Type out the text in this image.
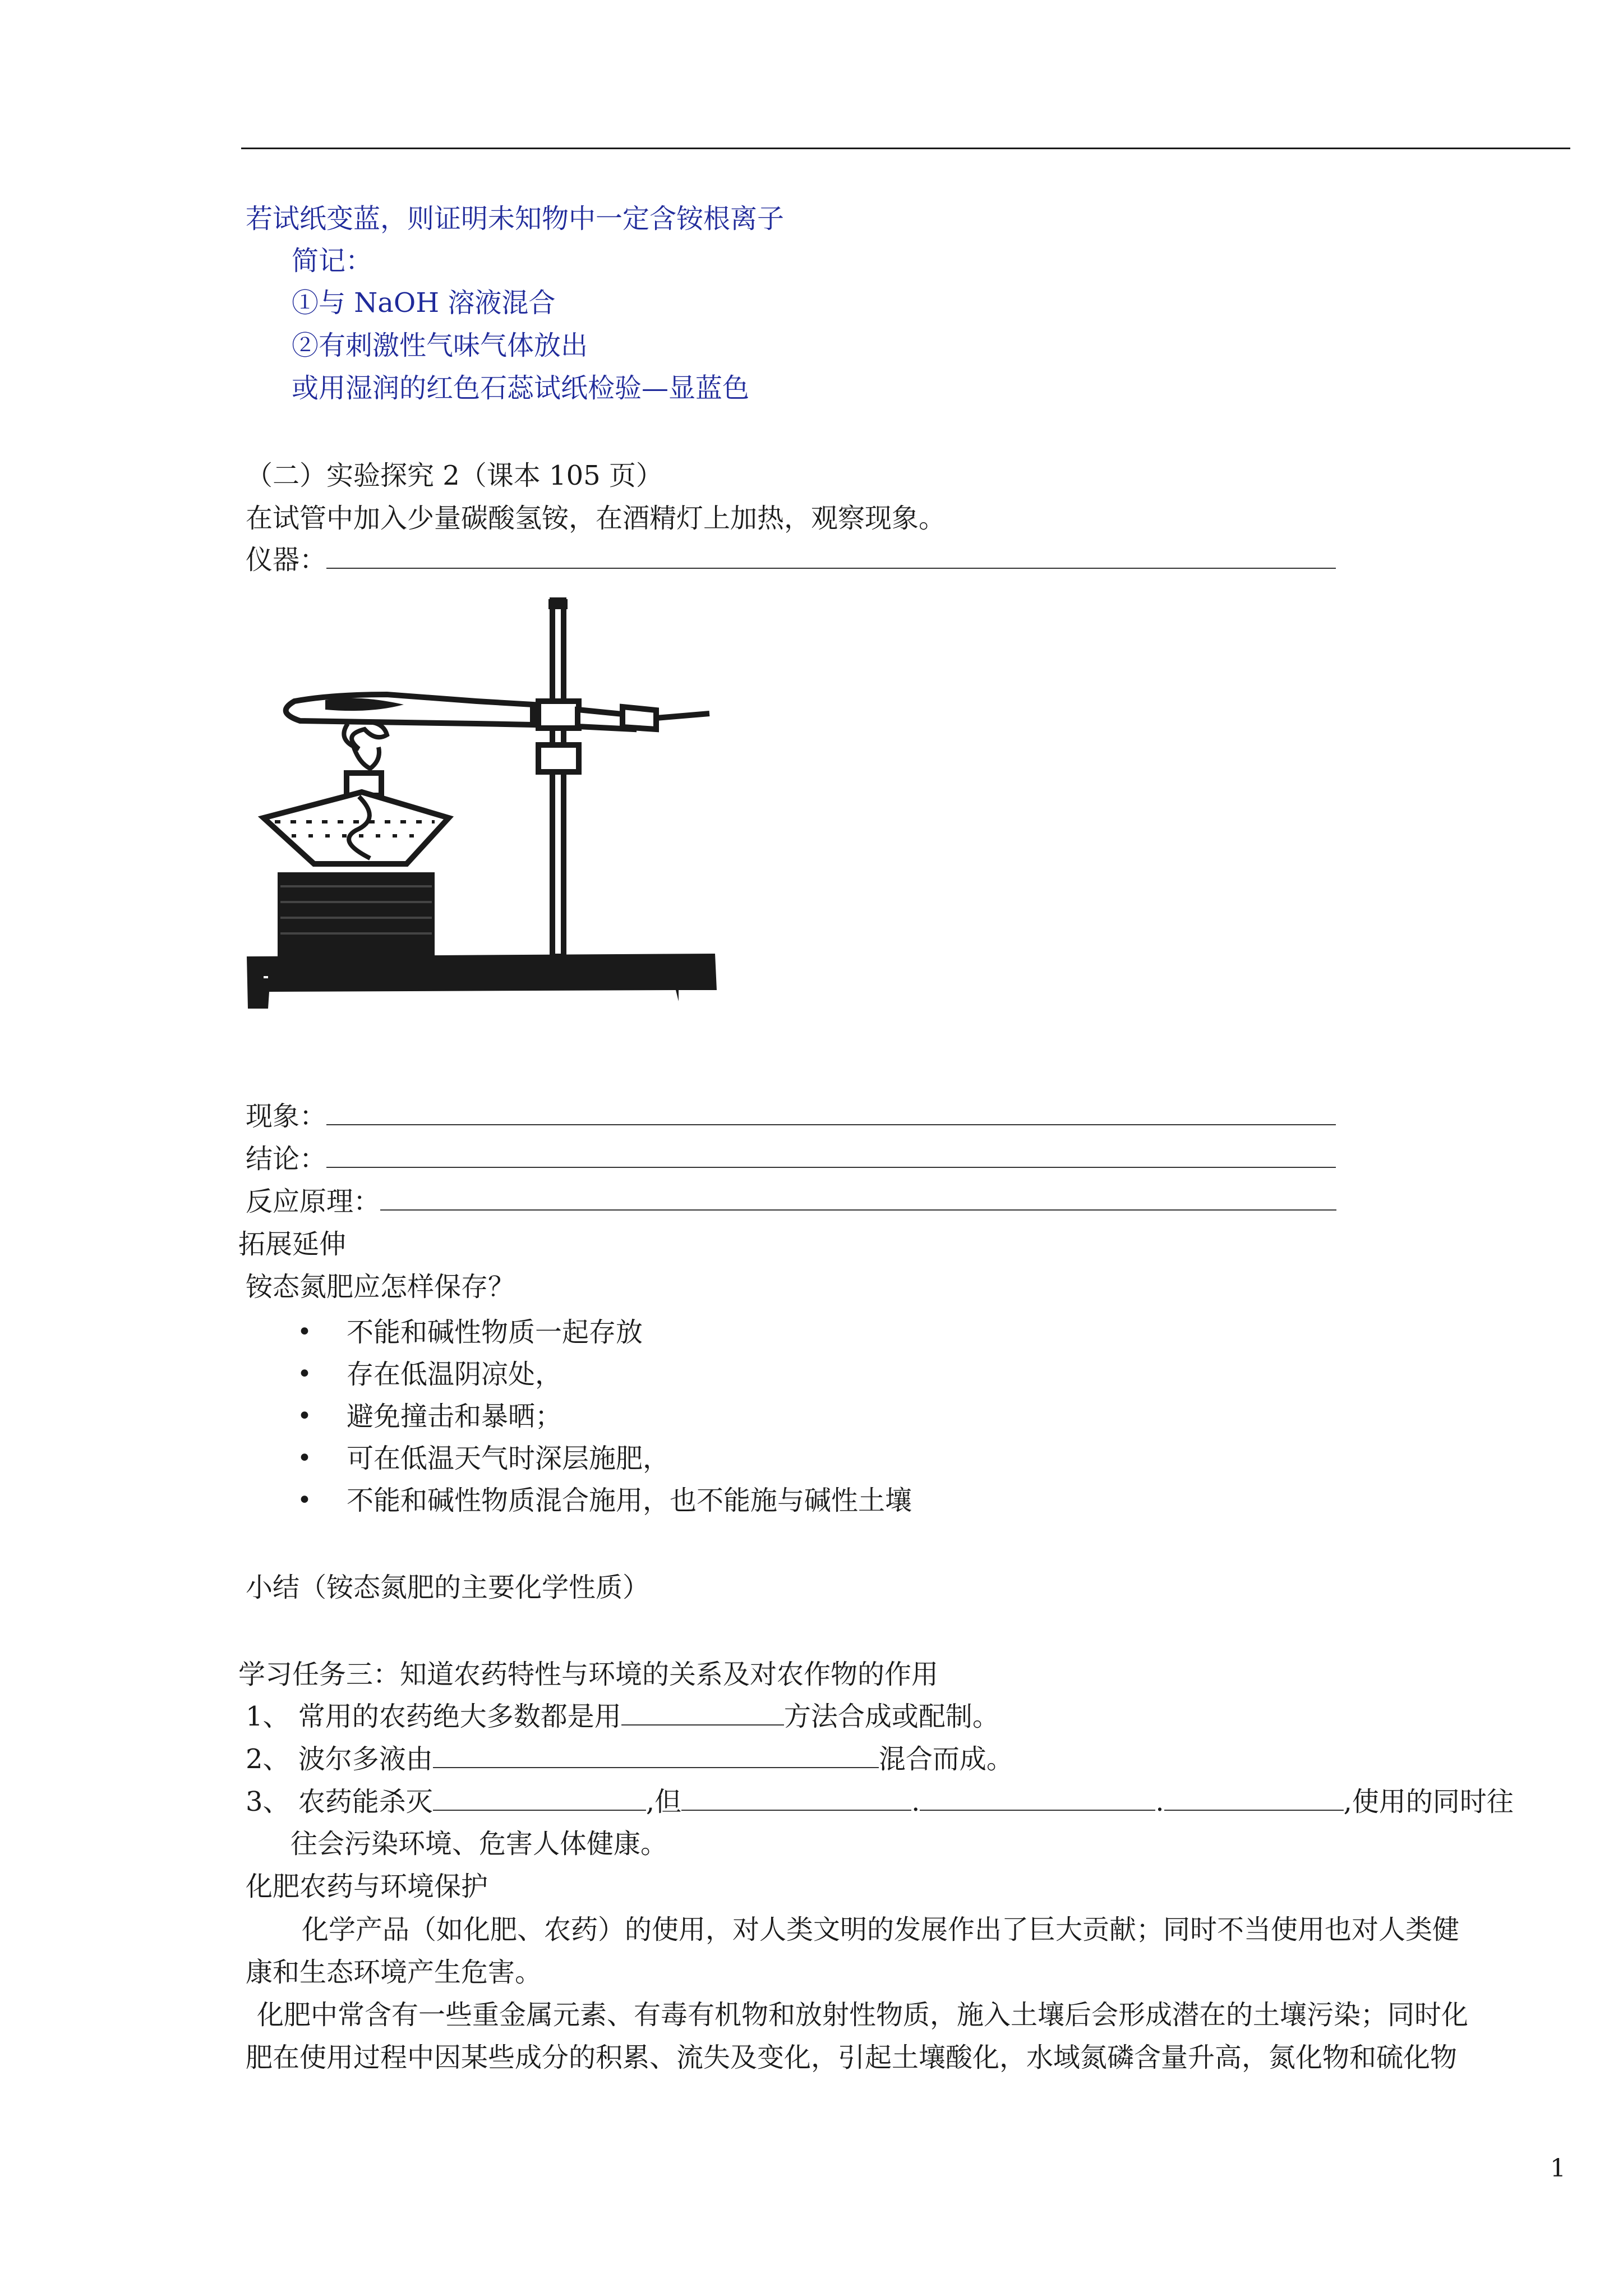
若试纸变蓝，则证明未知物中一定含铵根离子
简记：
①与 NaOH 溶液混合
②有刺激性气味气体放出
或用湿润的红色石蕊试纸检验—显蓝色
（二）实验探究 2（课本 105 页）
在试管中加入少量碳酸氢铵，在酒精灯上加热，观察现象。
仪器：
现象：
结论：
反应原理：
拓展延伸
铵态氮肥应怎样保存？
• 不能和碱性物质一起存放
• 存在低温阴凉处，
• 避免撞击和暴晒；
• 可在低温天气时深层施肥，
• 不能和碱性物质混合施用，也不能施与碱性土壤
小结（铵态氮肥的主要化学性质）
学习任务三：知道农药特性与环境的关系及对农作物的作用
1、 常用的农药绝大多数都是用	方法合成或配制。
2、 波尔多液由	混合而成。
3、 农药能杀灭	,但	.	.	,使用的同时往
往会污染环境、危害人体健康。
化肥农药与环境保护
化学产品（如化肥、农药）的使用，对人类文明的发展作出了巨大贡献；同时不当使用也对人类健
康和生态环境产生危害。
化肥中常含有一些重金属元素、有毒有机物和放射性物质，施入土壤后会形成潜在的土壤污染；同时化
肥在使用过程中因某些成分的积累、流失及变化，引起土壤酸化，水域氮磷含量升高，氮化物和硫化物
1
